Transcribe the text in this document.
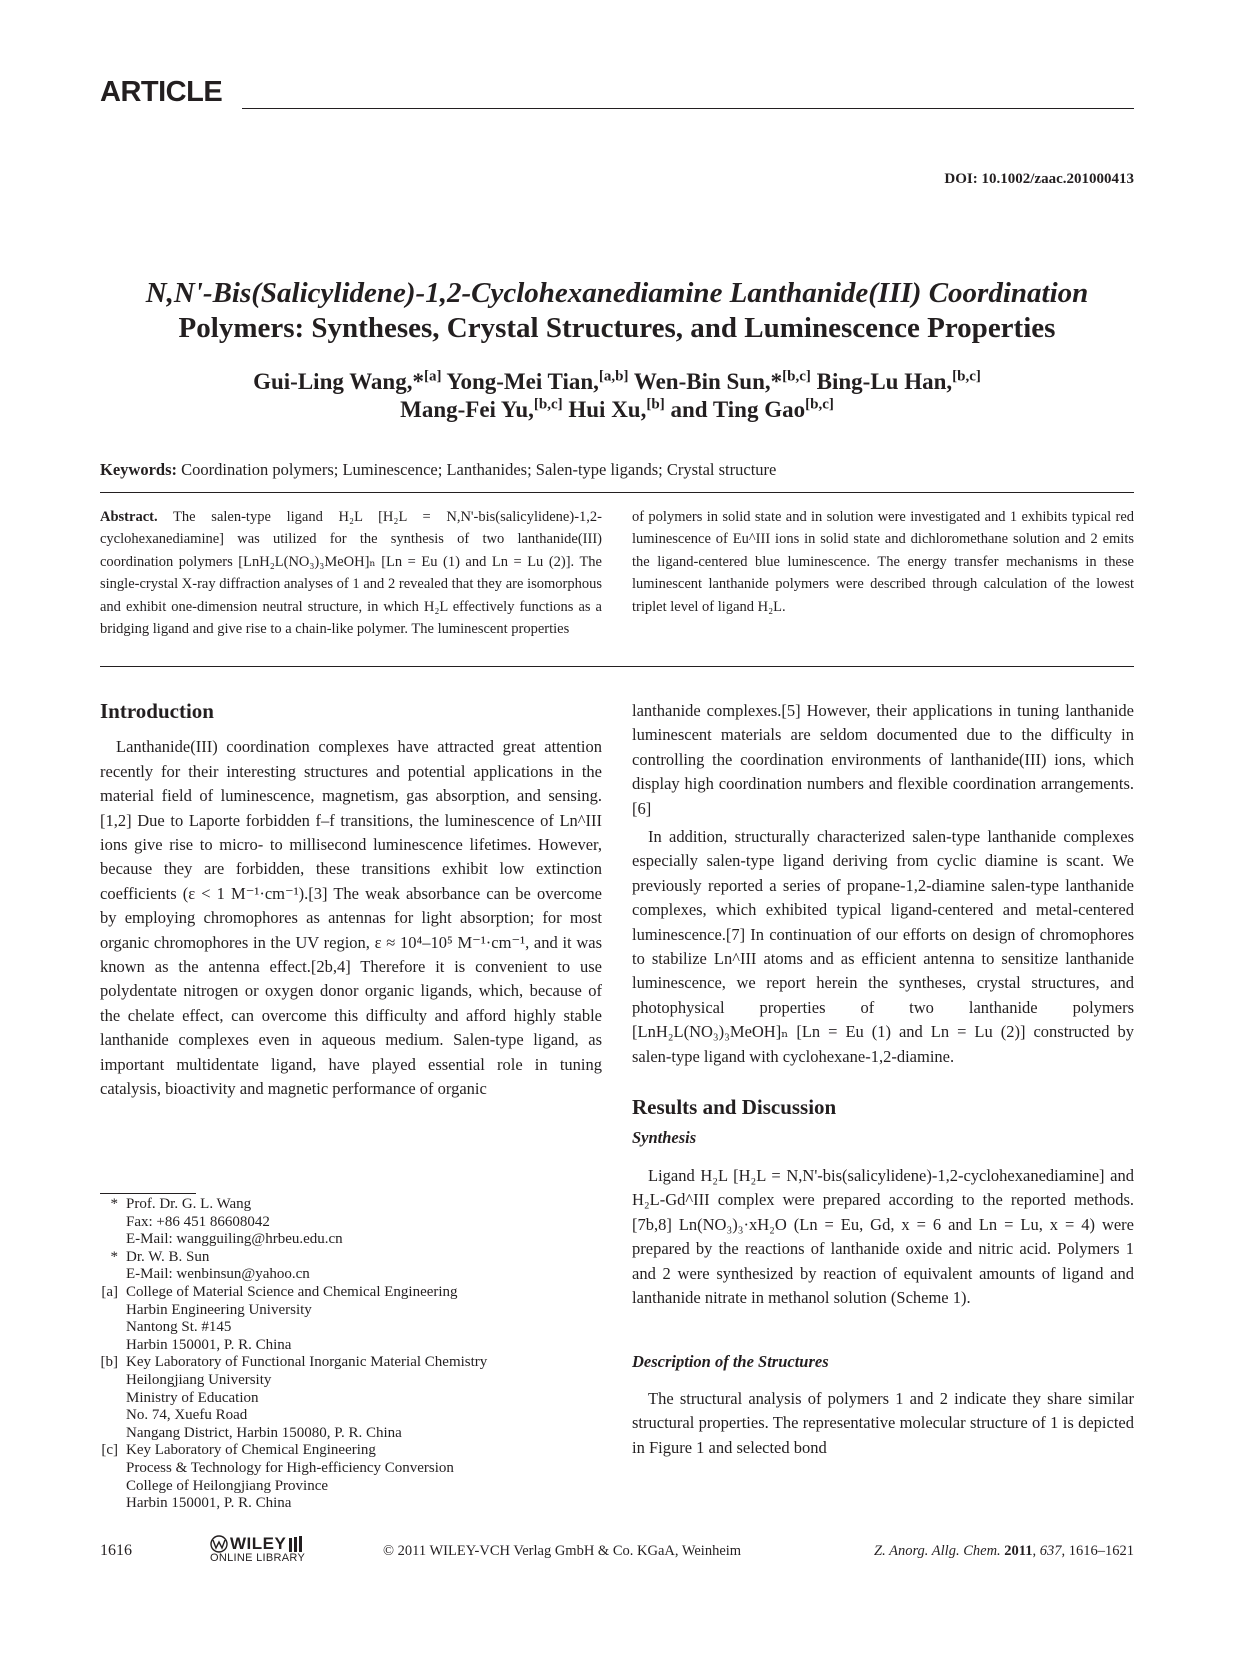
ARTICLE
DOI: 10.1002/zaac.201000413
N,N'-Bis(Salicylidene)-1,2-Cyclohexanediamine Lanthanide(III) Coordination
Polymers: Syntheses, Crystal Structures, and Luminescence Properties
Gui-Ling Wang,*[a] Yong-Mei Tian,[a,b] Wen-Bin Sun,*[b,c] Bing-Lu Han,[b,c]
Mang-Fei Yu,[b,c] Hui Xu,[b] and Ting Gao[b,c]
Keywords: Coordination polymers; Luminescence; Lanthanides; Salen-type ligands; Crystal structure
Abstract. The salen-type ligand H₂L [H₂L = N,N'-bis(salicylidene)-1,2-cyclohexanediamine] was utilized for the synthesis of two lanthanide(III) coordination polymers [LnH₂L(NO₃)₃MeOH]ₙ [Ln = Eu (1) and Ln = Lu (2)]. The single-crystal X-ray diffraction analyses of 1 and 2 revealed that they are isomorphous and exhibit one-dimension neutral structure, in which H₂L effectively functions as a bridging ligand and give rise to a chain-like polymer. The luminescent properties
of polymers in solid state and in solution were investigated and 1 exhibits typical red luminescence of Eu^III ions in solid state and dichloromethane solution and 2 emits the ligand-centered blue luminescence. The energy transfer mechanisms in these luminescent lanthanide polymers were described through calculation of the lowest triplet level of ligand H₂L.
Introduction

Lanthanide(III) coordination complexes have attracted great attention recently for their interesting structures and potential applications in the material field of luminescence, magnetism, gas absorption, and sensing.[1,2] Due to Laporte forbidden f–f transitions, the luminescence of Ln^III ions give rise to micro- to millisecond luminescence lifetimes. However, because they are forbidden, these transitions exhibit low extinction coefficients (ε < 1 M⁻¹·cm⁻¹).[3] The weak absorbance can be overcome by employing chromophores as antennas for light absorption; for most organic chromophores in the UV region, ε ≈ 10⁴–10⁵ M⁻¹·cm⁻¹, and it was known as the antenna effect.[2b,4] Therefore it is convenient to use polydentate nitrogen or oxygen donor organic ligands, which, because of the chelate effect, can overcome this difficulty and afford highly stable lanthanide complexes even in aqueous medium. Salen-type ligand, as important multidentate ligand, have played essential role in tuning catalysis, bioactivity and magnetic performance of organic

lanthanide complexes.[5] However, their applications in tuning lanthanide luminescent materials are seldom documented due to the difficulty in controlling the coordination environments of lanthanide(III) ions, which display high coordination numbers and flexible coordination arrangements.[6]

In addition, structurally characterized salen-type lanthanide complexes especially salen-type ligand deriving from cyclic diamine is scant. We previously reported a series of propane-1,2-diamine salen-type lanthanide complexes, which exhibited typical ligand-centered and metal-centered luminescence.[7] In continuation of our efforts on design of chromophores to stabilize Ln^III atoms and as efficient antenna to sensitize lanthanide luminescence, we report herein the syntheses, crystal structures, and photophysical properties of two lanthanide polymers [LnH₂L(NO₃)₃MeOH]ₙ [Ln = Eu (1) and Ln = Lu (2)] constructed by salen-type ligand with cyclohexane-1,2-diamine.

Results and Discussion
Synthesis

Ligand H₂L [H₂L = N,N'-bis(salicylidene)-1,2-cyclohexanediamine] and H₂L-Gd^III complex were prepared according to the reported methods.[7b,8] Ln(NO₃)₃·xH₂O (Ln = Eu, Gd, x = 6 and Ln = Lu, x = 4) were prepared by the reactions of lanthanide oxide and nitric acid. Polymers 1 and 2 were synthesized by reaction of equivalent amounts of ligand and lanthanide nitrate in methanol solution (Scheme 1).

Description of the Structures

The structural analysis of polymers 1 and 2 indicate they share similar structural properties. The representative molecular structure of 1 is depicted in Figure 1 and selected bond

* Prof. Dr. G. L. Wang
Fax: +86 451 86608042
E-Mail: wangguiling@hrbeu.edu.cn
* Dr. W. B. Sun
E-Mail: wenbinsun@yahoo.cn
[a] College of Material Science and Chemical Engineering
Harbin Engineering University
Nantong St. #145
Harbin 150001, P. R. China
[b] Key Laboratory of Functional Inorganic Material Chemistry
Heilongjiang University
Ministry of Education
No. 74, Xuefu Road
Nangang District, Harbin 150080, P. R. China
[c] Key Laboratory of Chemical Engineering
Process & Technology for High-efficiency Conversion
College of Heilongjiang Province
Harbin 150001, P. R. China
1616	WILEY
ONLINE LIBRARY	© 2011 WILEY-VCH Verlag GmbH & Co. KGaA, Weinheim	Z. Anorg. Allg. Chem. 2011, 637, 1616–1621
